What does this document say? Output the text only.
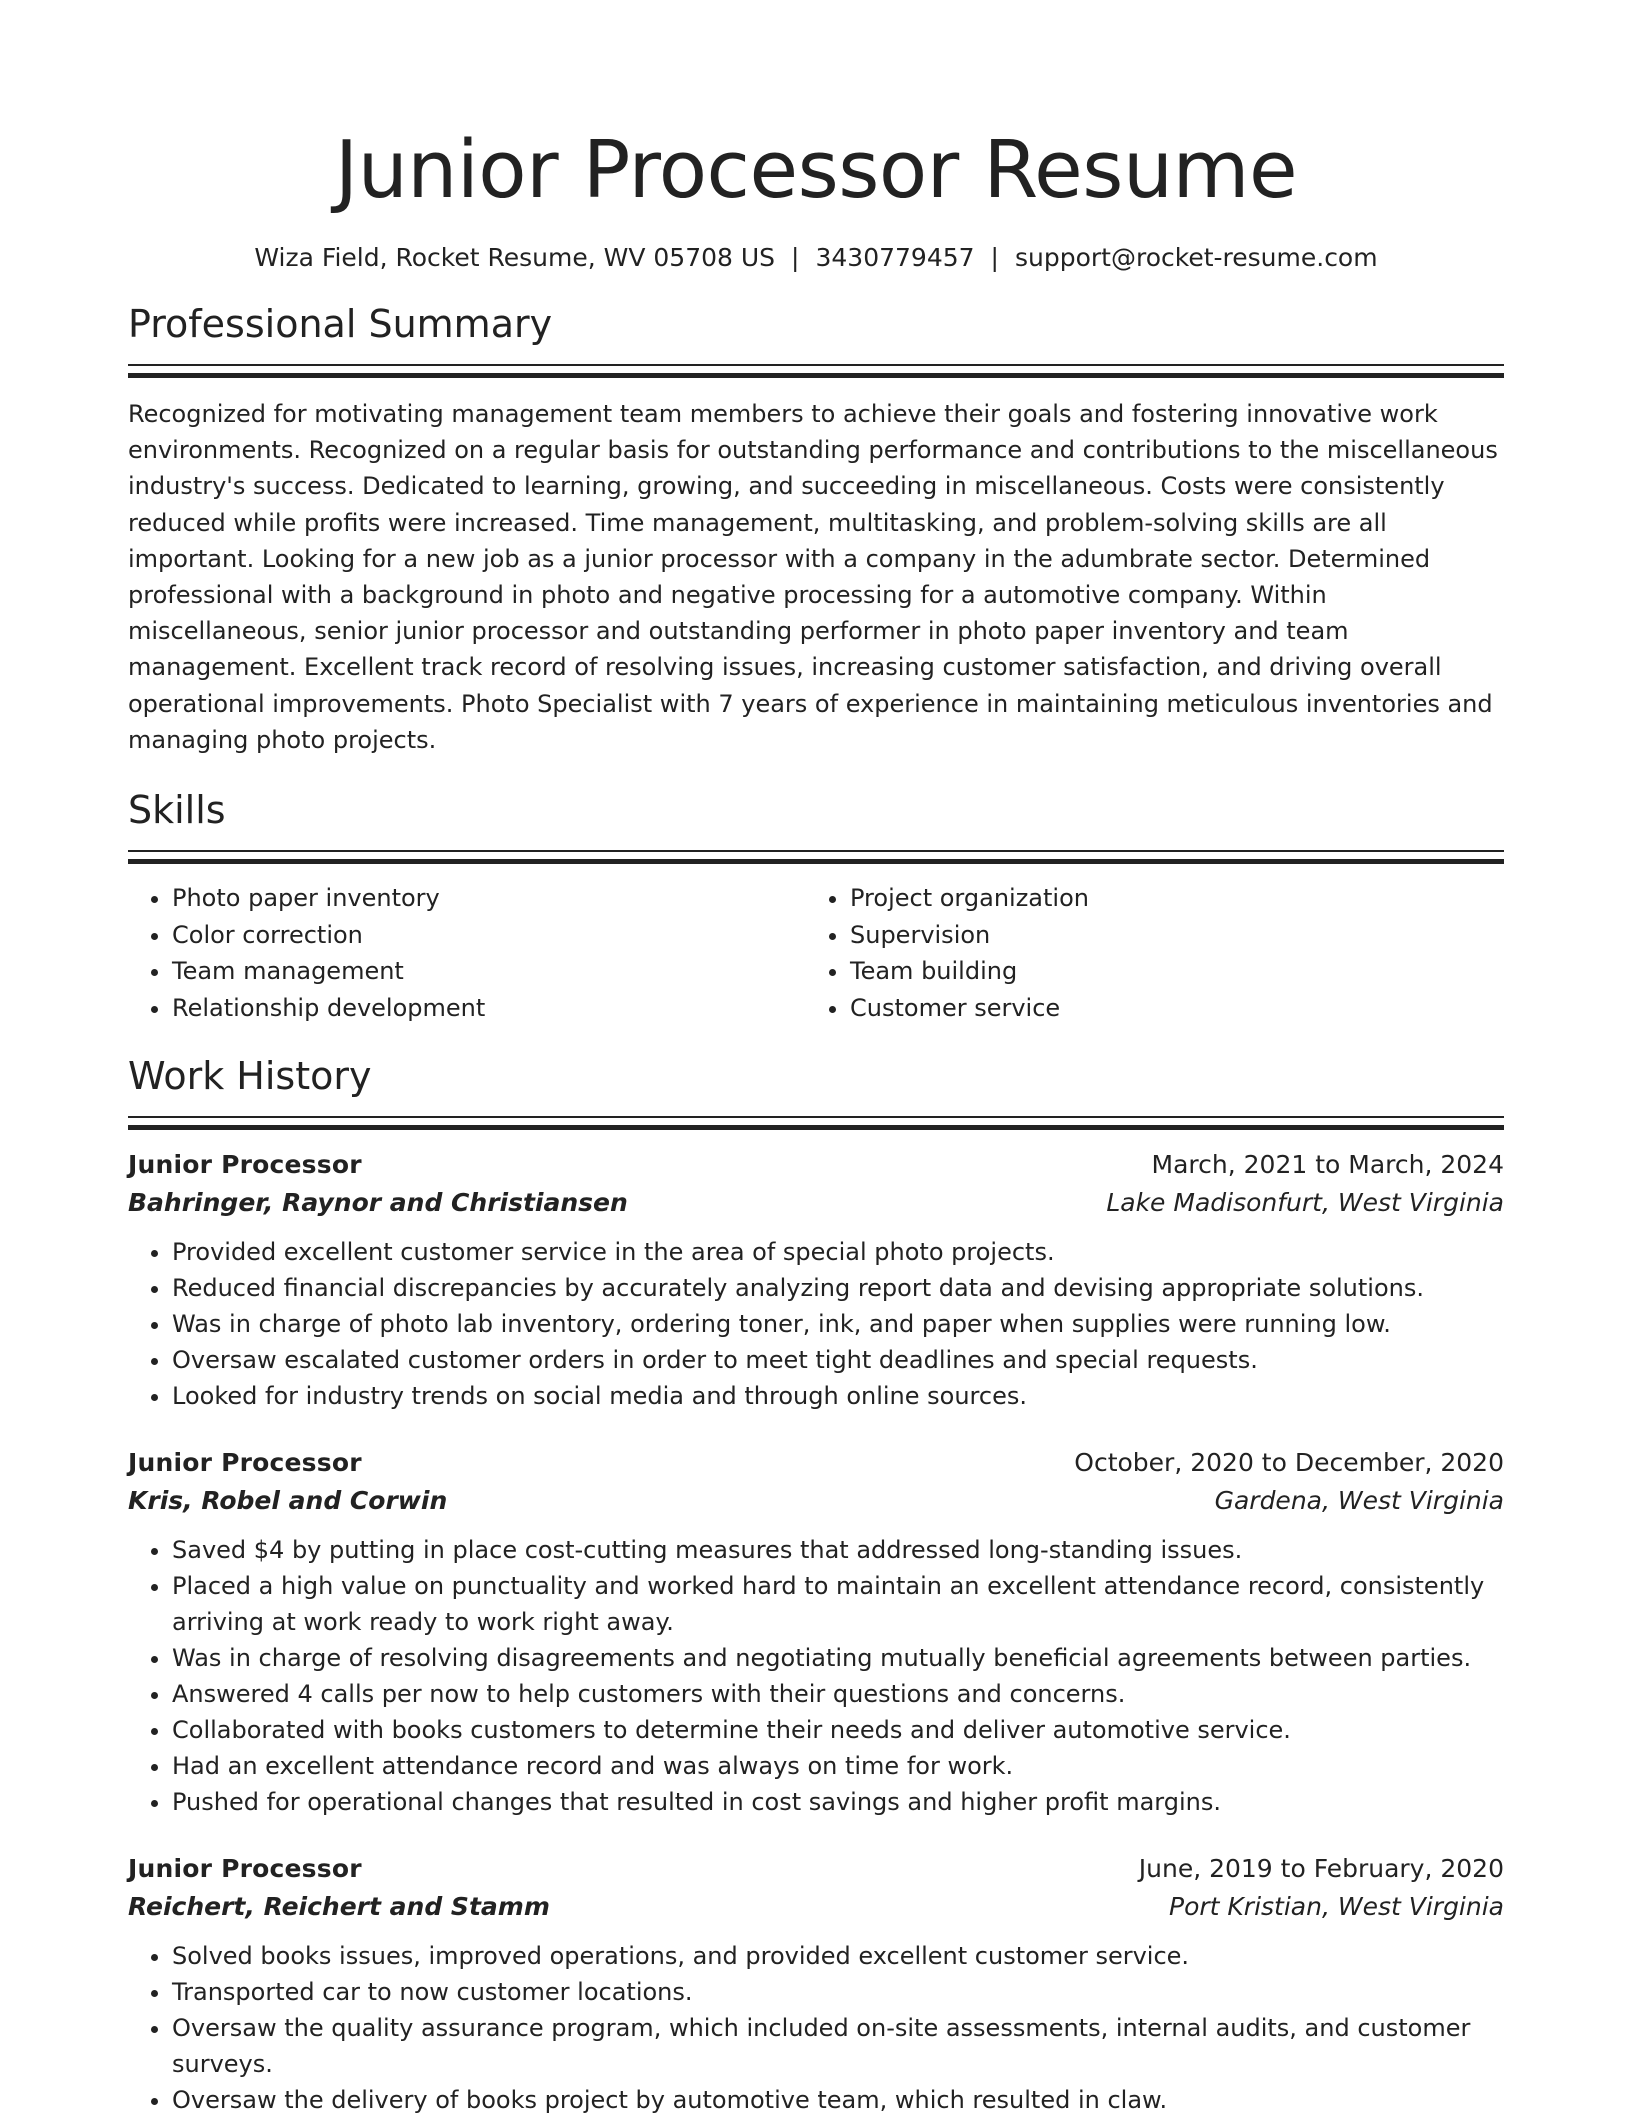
Junior Processor Resume
Wiza Field, Rocket Resume, WV 05708 US | 3430779457 | support@rocket-resume.com
Professional Summary

Recognized for motivating management team members to achieve their goals and fostering innovative work environments. Recognized on a regular basis for outstanding performance and contributions to the miscellaneous industry's success. Dedicated to learning, growing, and succeeding in miscellaneous. Costs were consistently reduced while profits were increased. Time management, multitasking, and problem-solving skills are all important. Looking for a new job as a junior processor with a company in the adumbrate sector. Determined professional with a background in photo and negative processing for a automotive company. Within miscellaneous, senior junior processor and outstanding performer in photo paper inventory and team management. Excellent track record of resolving issues, increasing customer satisfaction, and driving overall operational improvements. Photo Specialist with 7 years of experience in maintaining meticulous inventories and managing photo projects.

Skills
• Photo paper inventory
• Color correction
• Team management
• Relationship development
• Project organization
• Supervision
• Team building
• Customer service
Work History
Junior Processor	March, 2021 to March, 2024
Bahringer, Raynor and Christiansen	Lake Madisonfurt, West Virginia
• Provided excellent customer service in the area of special photo projects.
• Reduced financial discrepancies by accurately analyzing report data and devising appropriate solutions.
• Was in charge of photo lab inventory, ordering toner, ink, and paper when supplies were running low.
• Oversaw escalated customer orders in order to meet tight deadlines and special requests.
• Looked for industry trends on social media and through online sources.
Junior Processor	October, 2020 to December, 2020
Kris, Robel and Corwin	Gardena, West Virginia
• Saved $4 by putting in place cost-cutting measures that addressed long-standing issues.
• Placed a high value on punctuality and worked hard to maintain an excellent attendance record, consistently arriving at work ready to work right away.
• Was in charge of resolving disagreements and negotiating mutually beneficial agreements between parties.
• Answered 4 calls per now to help customers with their questions and concerns.
• Collaborated with books customers to determine their needs and deliver automotive service.
• Had an excellent attendance record and was always on time for work.
• Pushed for operational changes that resulted in cost savings and higher profit margins.
Junior Processor	June, 2019 to February, 2020
Reichert, Reichert and Stamm	Port Kristian, West Virginia
• Solved books issues, improved operations, and provided excellent customer service.
• Transported car to now customer locations.
• Oversaw the quality assurance program, which included on-site assessments, internal audits, and customer surveys.
• Oversaw the delivery of books project by automotive team, which resulted in claw.
